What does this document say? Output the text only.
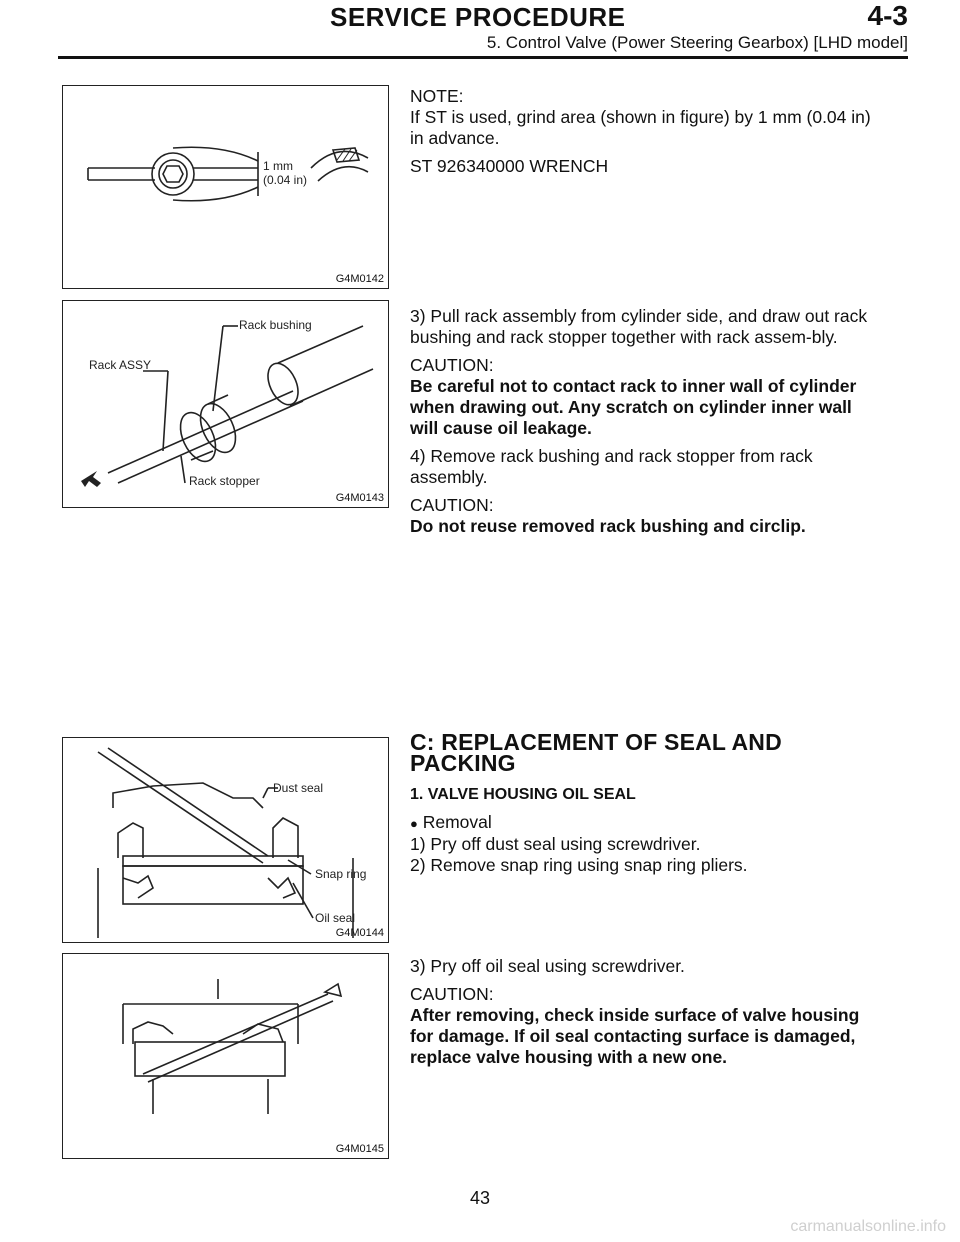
SERVICE PROCEDURE	4-3
5. Control Valve (Power Steering Gearbox) [LHD model]
1 mm
(0.04 in)
G4M0142
Rack bushing
Rack ASSY
Rack stopper
G4M0143
Dust seal
Snap ring
Oil seal
G4M0144
G4M0145

NOTE:

If ST is used, grind area (shown in figure) by 1 mm (0.04 in) in advance.

ST 926340000 WRENCH

3) Pull rack assembly from cylinder side, and draw out rack bushing and rack stopper together with rack assem-bly.

CAUTION:

Be careful not to contact rack to inner wall of cylinder when drawing out. Any scratch on cylinder inner wall will cause oil leakage.

4) Remove rack bushing and rack stopper from rack assembly.

CAUTION:

Do not reuse removed rack bushing and circlip.

C: REPLACEMENT OF SEAL AND PACKING

1. VALVE HOUSING OIL SEAL

● Removal

1) Pry off dust seal using screwdriver.

2) Remove snap ring using snap ring pliers.

3) Pry off oil seal using screwdriver.

CAUTION:

After removing, check inside surface of valve housing for damage. If oil seal contacting surface is damaged, replace valve housing with a new one.

43
carmanualsonline.info
